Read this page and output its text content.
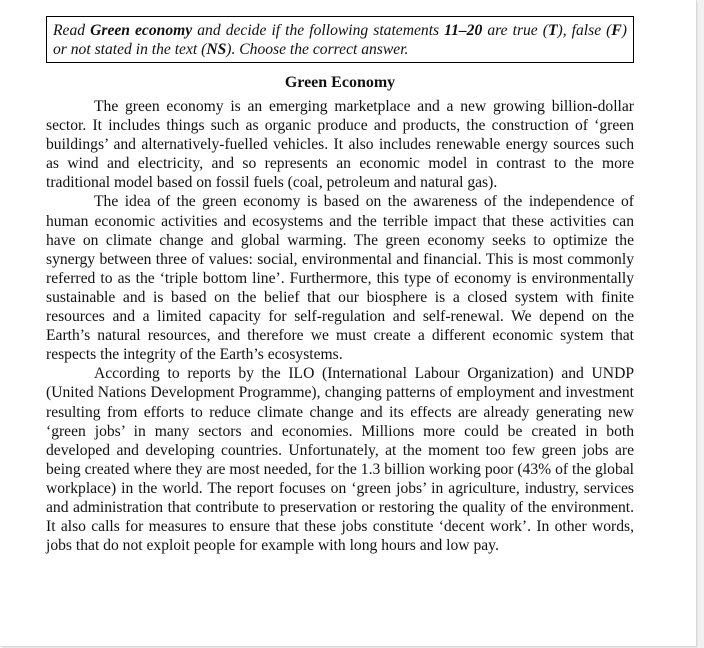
Read Green economy and decide if the following statements 11–20 are true (T), false (F) or not stated in the text (NS). Choose the correct answer.
Green Economy

The green economy is an emerging marketplace and a new growing billion-dollar sector. It includes things such as organic produce and products, the construction of ‘green buildings’ and alternatively-fuelled vehicles. It also includes renewable energy sources such as wind and electricity, and so represents an economic model in contrast to the more traditional model based on fossil fuels (coal, petroleum and natural gas).

The idea of the green economy is based on the awareness of the independence of human economic activities and ecosystems and the terrible impact that these activities can have on climate change and global warming. The green economy seeks to optimize the synergy between three of values: social, environmental and financial. This is most commonly referred to as the ‘triple bottom line’. Furthermore, this type of economy is environmentally sustainable and is based on the belief that our biosphere is a closed system with finite resources and a limited capacity for self-regulation and self-renewal. We depend on the Earth’s natural resources, and therefore we must create a different economic system that respects the integrity of the Earth’s ecosystems.

According to reports by the ILO (International Labour Organization) and UNDP (United Nations Development Programme), changing patterns of employment and investment resulting from efforts to reduce climate change and its effects are already generating new ‘green jobs’ in many sectors and economies. Millions more could be created in both developed and developing countries. Unfortunately, at the moment too few green jobs are being created where they are most needed, for the 1.3 billion working poor (43% of the global workplace) in the world. The report focuses on ‘green jobs’ in agriculture, industry, services and administration that contribute to preservation or restoring the quality of the environment. It also calls for measures to ensure that these jobs constitute ‘decent work’. In other words, jobs that do not exploit people for example with long hours and low pay.
